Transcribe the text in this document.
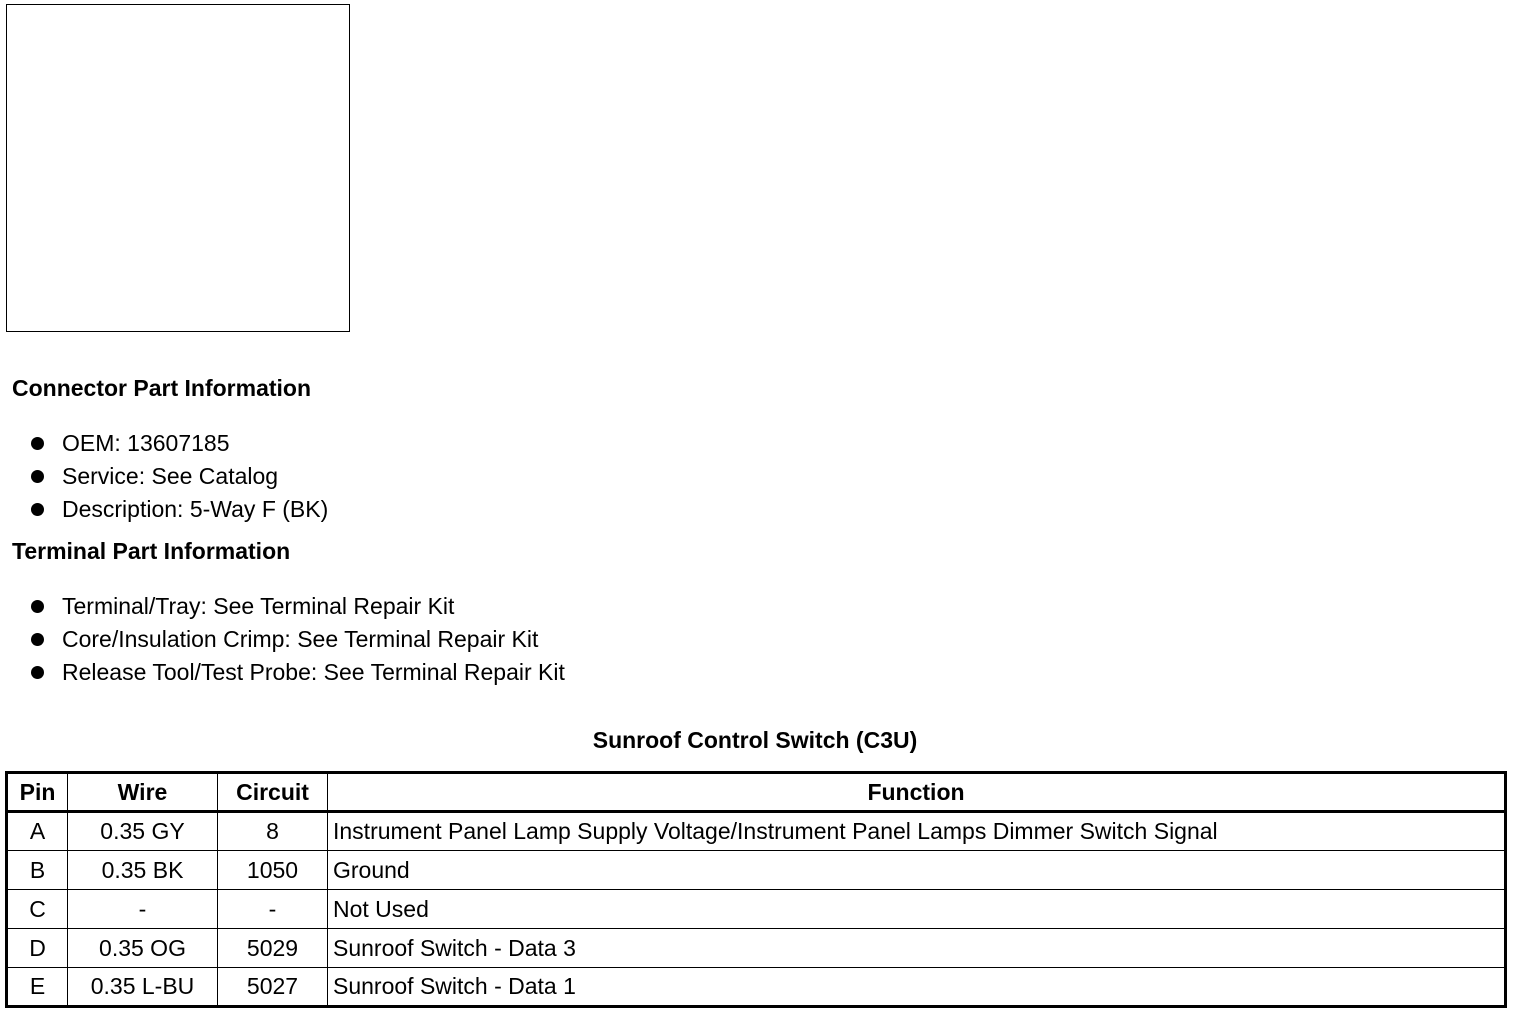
Connector Part Information
OEM: 13607185
Service: See Catalog
Description: 5-Way F (BK)
Terminal Part Information
Terminal/Tray: See Terminal Repair Kit
Core/Insulation Crimp: See Terminal Repair Kit
Release Tool/Test Probe: See Terminal Repair Kit
Sunroof Control Switch (C3U)
Pin	Wire	Circuit	Function
A	0.35 GY	8	Instrument Panel Lamp Supply Voltage/Instrument Panel Lamps Dimmer Switch Signal
B	0.35 BK	1050	Ground
C	-	-	Not Used
D	0.35 OG	5029	Sunroof Switch - Data 3
E	0.35 L-BU	5027	Sunroof Switch - Data 1
